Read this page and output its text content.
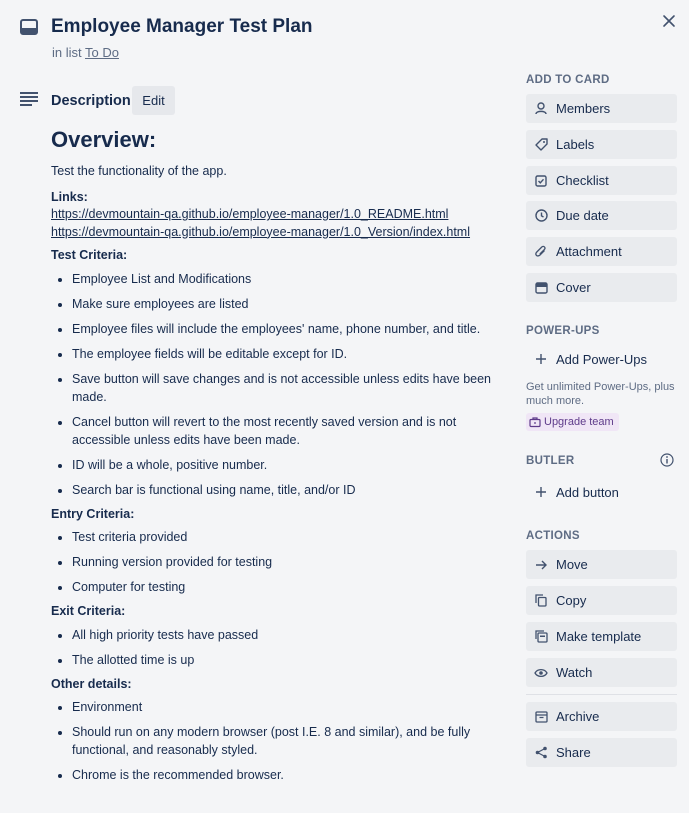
Employee Manager Test Plan
in list To Do
Description Edit
Overview:

Test the functionality of the app.

Links:
https://devmountain-qa.github.io/employee-manager/1.0_README.html
https://devmountain-qa.github.io/employee-manager/1.0_Version/index.html
Test Criteria:
• Employee List and Modifications
• Make sure employees are listed
• Employee files will include the employees' name, phone number, and title.
• The employee fields will be editable except for ID.
• Save button will save changes and is not accessible unless edits have been made.
• Cancel button will revert to the most recently saved version and is not accessible unless edits have been made.
• ID will be a whole, positive number.
• Search bar is functional using name, title, and/or ID
Entry Criteria:
• Test criteria provided
• Running version provided for testing
• Computer for testing
Exit Criteria:
• All high priority tests have passed
• The allotted time is up
Other details:
• Environment
• Should run on any modern browser (post I.E. 8 and similar), and be fully functional, and reasonably styled.
• Chrome is the recommended browser.
ADD TO CARD
Members
Labels
Checklist
Due date
Attachment
Cover
POWER-UPS
Add Power-Ups
Get unlimited Power-Ups, plus much more.
Upgrade team
BUTLER
Add button
ACTIONS
Move
Copy
Make template
Watch
Archive
Share
